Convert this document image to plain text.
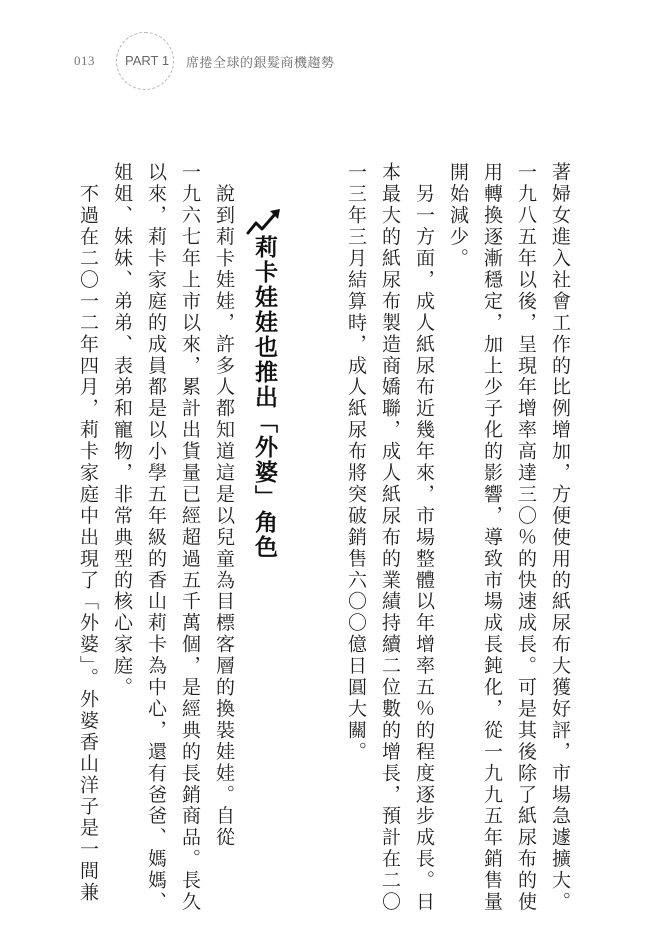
013 PART 1 席捲全球的銀髮商機趨勢
著婦女進入社會工作的比例增加，方便使用的紙尿布大獲好評，市場急遽擴大。
一九八五年以後，呈現年增率高達三〇％的快速成長。可是其後除了紙尿布的使
用轉換逐漸穩定，加上少子化的影響，導致市場成長鈍化，從一九九五年銷售量
開始減少。
　另一方面，成人紙尿布近幾年來，市場整體以年增率五％的程度逐步成長。日
本最大的紙尿布製造商嬌聯，成人紙尿布的業績持續二位數的增長，預計在二〇
一三年三月結算時，成人紙尿布將突破銷售六〇〇億日圓大關。
莉卡娃娃也推出「外婆」角色
　說到莉卡娃娃，許多人都知道這是以兒童為目標客層的換裝娃娃。自從
一九六七年上市以來，累計出貨量已經超過五千萬個，是經典的長銷商品。長久
以來，莉卡家庭的成員都是以小學五年級的香山莉卡為中心，還有爸爸、媽媽、
姐姐、妹妹、弟弟、表弟和寵物，非常典型的核心家庭。
　不過在二〇一二年四月，莉卡家庭中出現了「外婆」。外婆香山洋子是一間兼
